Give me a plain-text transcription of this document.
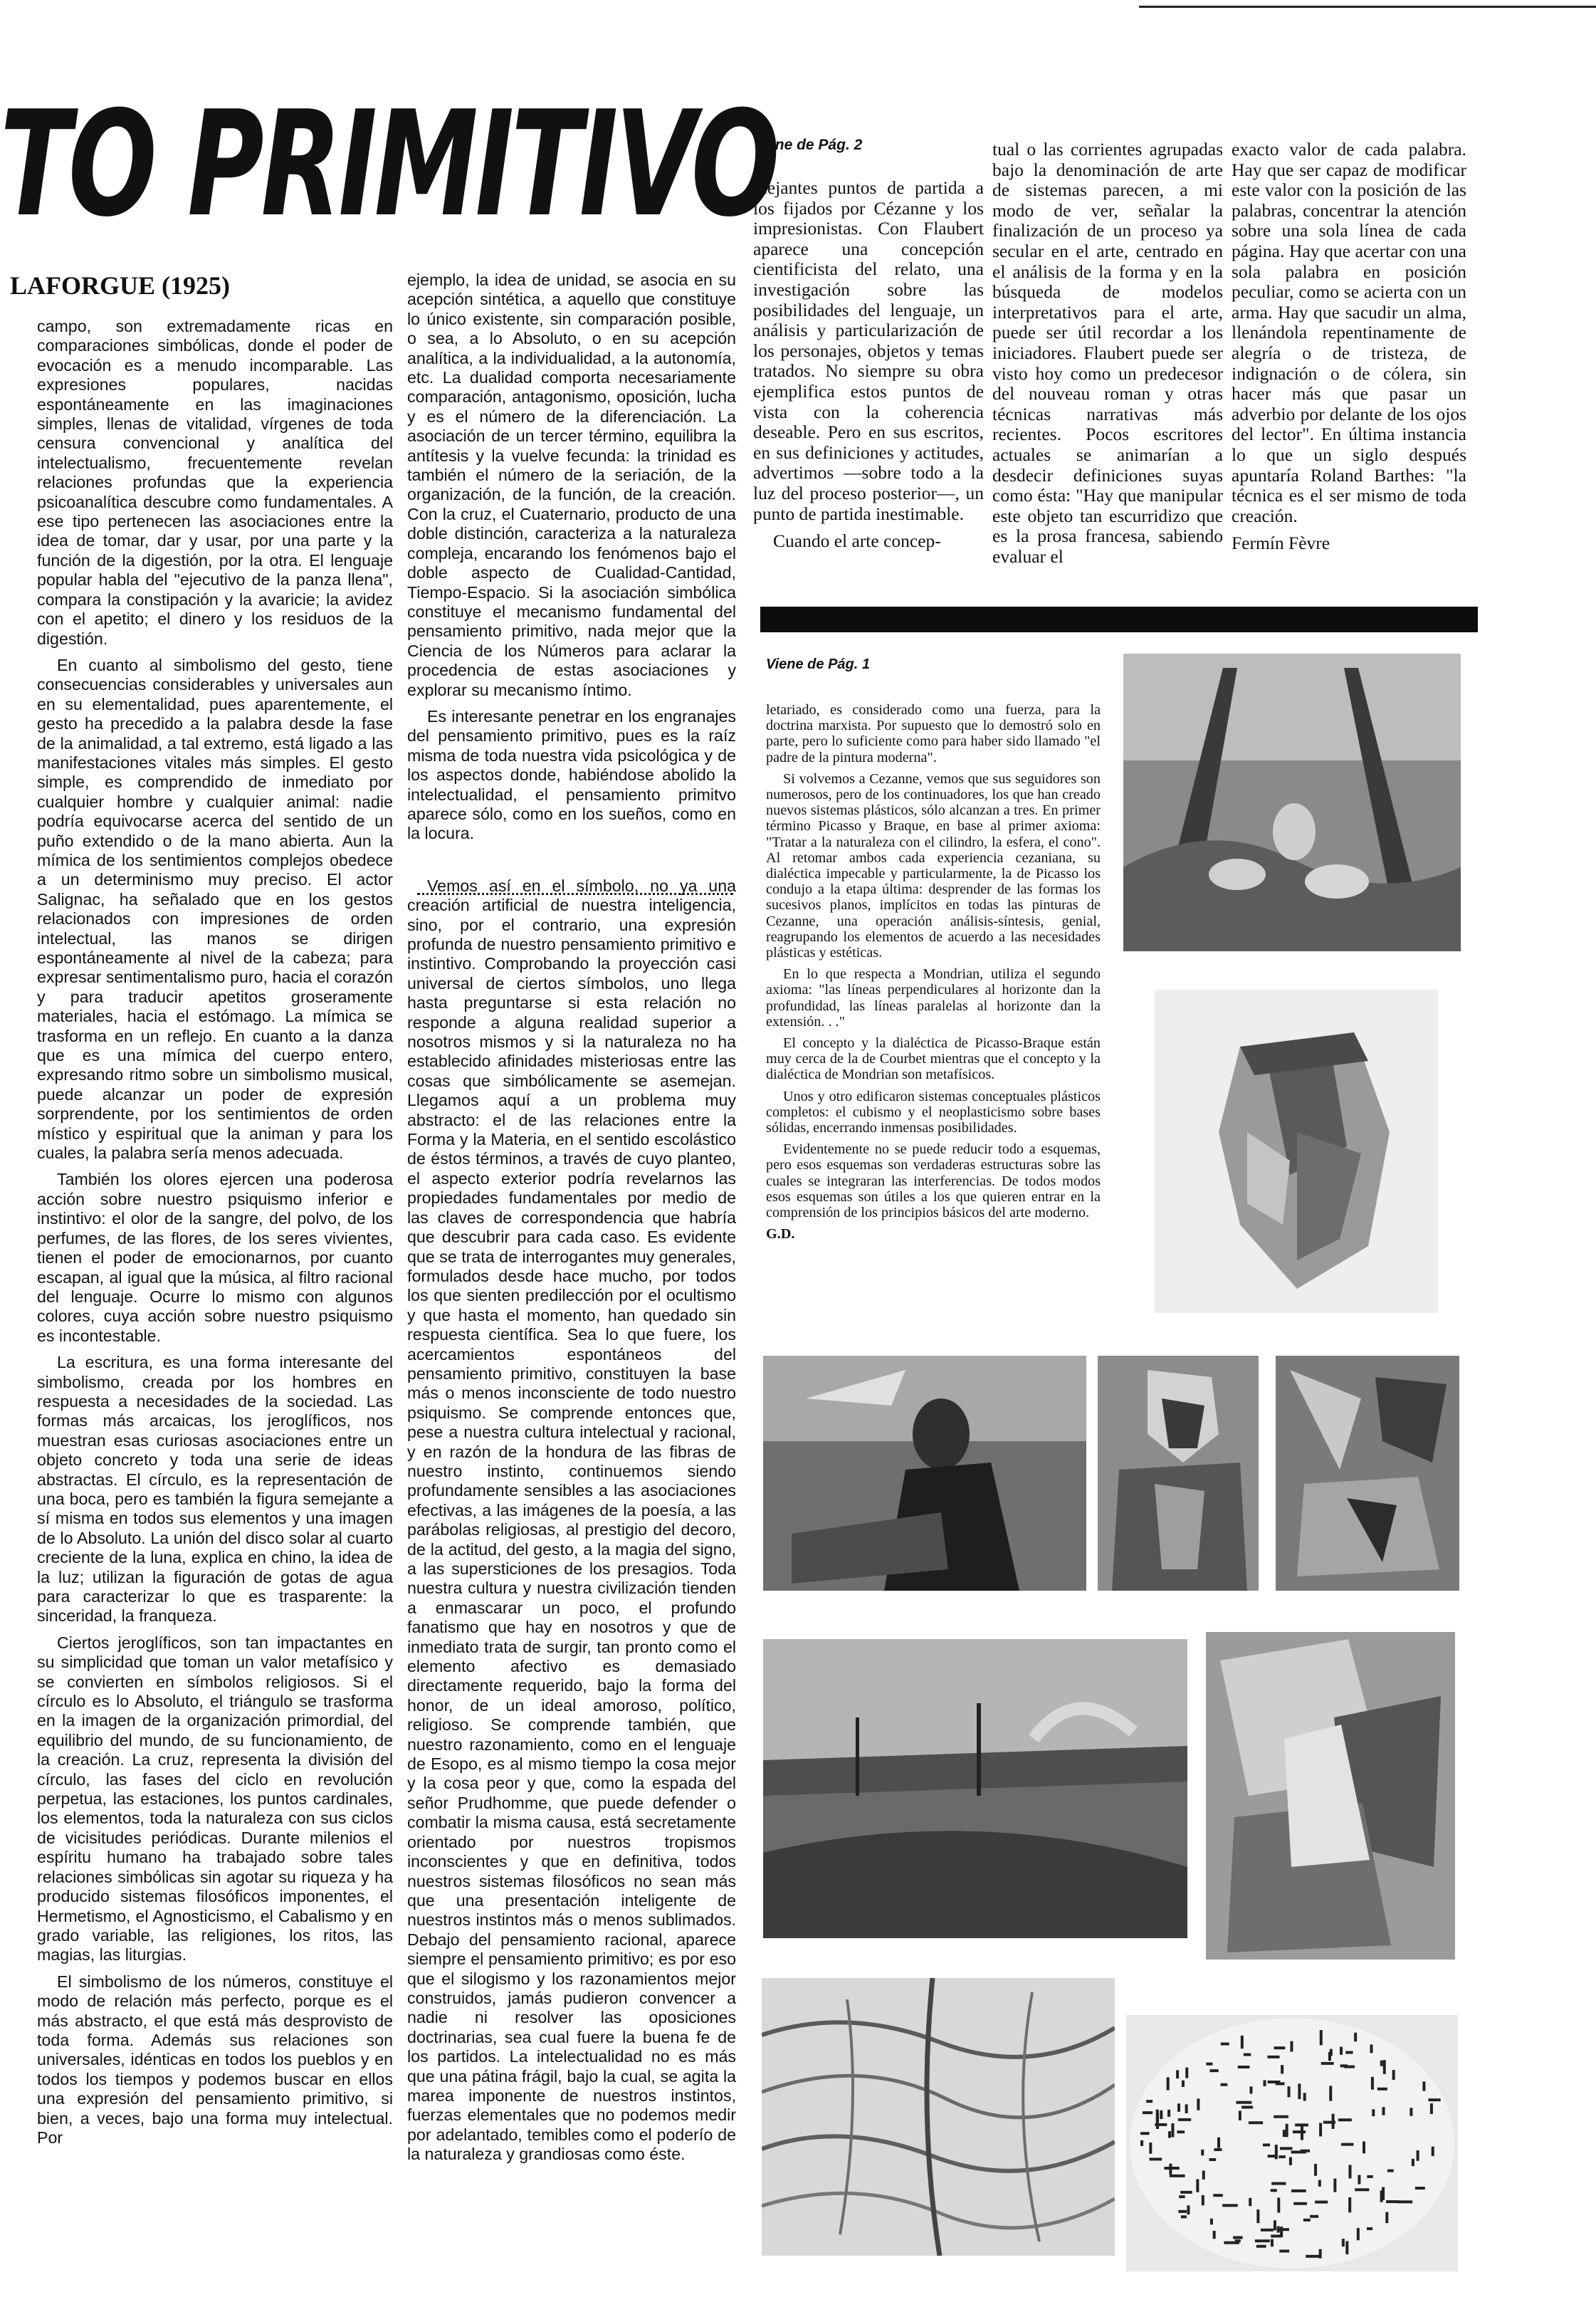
TO PRIMITIVO
LAFORGUE (1925)

campo, son extremadamente ricas en comparaciones simbólicas, donde el poder de evocación es a menudo incomparable. Las expresiones populares, nacidas espontáneamente en las imaginaciones simples, llenas de vitalidad, vírgenes de toda censura convencional y analítica del intelectualismo, frecuentemente revelan relaciones profundas que la experiencia psicoanalítica descubre como fundamentales. A ese tipo pertenecen las asociaciones entre la idea de tomar, dar y usar, por una parte y la función de la digestión, por la otra. El lenguaje popular habla del "ejecutivo de la panza llena", compara la constipación y la avaricie; la avidez con el apetito; el dinero y los residuos de la digestión.

En cuanto al simbolismo del gesto, tiene consecuencias considerables y universales aun en su elementalidad, pues aparentemente, el gesto ha precedido a la palabra desde la fase de la animalidad, a tal extremo, está ligado a las manifestaciones vitales más simples. El gesto simple, es comprendido de inmediato por cualquier hombre y cualquier animal: nadie podría equivocarse acerca del sentido de un puño extendido o de la mano abierta. Aun la mímica de los sentimientos complejos obedece a un determinismo muy preciso. El actor Salignac, ha señalado que en los gestos relacionados con impresiones de orden intelectual, las manos se dirigen espontáneamente al nivel de la cabeza; para expresar sentimentalismo puro, hacia el corazón y para traducir apetitos groseramente materiales, hacia el estómago. La mímica se trasforma en un reflejo. En cuanto a la danza que es una mímica del cuerpo entero, expresando ritmo sobre un simbolismo musical, puede alcanzar un poder de expresión sorprendente, por los sentimientos de orden místico y espiritual que la animan y para los cuales, la palabra sería menos adecuada.

También los olores ejercen una poderosa acción sobre nuestro psiquismo inferior e instintivo: el olor de la sangre, del polvo, de los perfumes, de las flores, de los seres vivientes, tienen el poder de emocionarnos, por cuanto escapan, al igual que la música, al filtro racional del lenguaje. Ocurre lo mismo con algunos colores, cuya acción sobre nuestro psiquismo es incontestable.

La escritura, es una forma interesante del simbolismo, creada por los hombres en respuesta a necesidades de la sociedad. Las formas más arcaicas, los jeroglíficos, nos muestran esas curiosas asociaciones entre un objeto concreto y toda una serie de ideas abstractas. El círculo, es la representación de una boca, pero es también la figura semejante a sí misma en todos sus elementos y una imagen de lo Absoluto. La unión del disco solar al cuarto creciente de la luna, explica en chino, la idea de la luz; utilizan la figuración de gotas de agua para caracterizar lo que es trasparente: la sinceridad, la franqueza.

Ciertos jeroglíficos, son tan impactantes en su simplicidad que toman un valor metafísico y se convierten en símbolos religiosos. Si el círculo es lo Absoluto, el triángulo se trasforma en la imagen de la organización primordial, del equilibrio del mundo, de su funcionamiento, de la creación. La cruz, representa la división del círculo, las fases del ciclo en revolución perpetua, las estaciones, los puntos cardinales, los elementos, toda la naturaleza con sus ciclos de vicisitudes periódicas. Durante milenios el espíritu humano ha trabajado sobre tales relaciones simbólicas sin agotar su riqueza y ha producido sistemas filosóficos imponentes, el Hermetismo, el Agnosticismo, el Cabalismo y en grado variable, las religiones, los ritos, las magias, las liturgias.

El simbolismo de los números, constituye el modo de relación más perfecto, porque es el más abstracto, el que está más desprovisto de toda forma. Además sus relaciones son universales, idénticas en todos los pueblos y en todos los tiempos y podemos buscar en ellos una expresión del pensamiento primitivo, si bien, a veces, bajo una forma muy intelectual. Por

ejemplo, la idea de unidad, se asocia en su acepción sintética, a aquello que constituye lo único existente, sin comparación posible, o sea, a lo Absoluto, o en su acepción analítica, a la individualidad, a la autonomía, etc. La dualidad comporta necesariamente comparación, antagonismo, oposición, lucha y es el número de la diferenciación. La asociación de un tercer término, equilibra la antítesis y la vuelve fecunda: la trinidad es también el número de la seriación, de la organización, de la función, de la creación. Con la cruz, el Cuaternario, producto de una doble distinción, caracteriza a la naturaleza compleja, encarando los fenómenos bajo el doble aspecto de Cualidad-Cantidad, Tiempo-Espacio. Si la asociación simbólica constituye el mecanismo fundamental del pensamiento primitivo, nada mejor que la Ciencia de los Números para aclarar la procedencia de estas asociaciones y explorar su mecanismo íntimo.

Es interesante penetrar en los engranajes del pensamiento primitivo, pues es la raíz misma de toda nuestra vida psicológica y de los aspectos donde, habiéndose abolido la intelectualidad, el pensamiento primitvo aparece sólo, como en los sueños, como en la locura.

Vemos así en el símbolo, no ya una creación artificial de nuestra inteligencia, sino, por el contrario, una expresión profunda de nuestro pensamiento primitivo e instintivo. Comprobando la proyección casi universal de ciertos símbolos, uno llega hasta preguntarse si esta relación no responde a alguna realidad superior a nosotros mismos y si la naturaleza no ha establecido afinidades misteriosas entre las cosas que simbólicamente se asemejan. Llegamos aquí a un problema muy abstracto: el de las relaciones entre la Forma y la Materia, en el sentido escolástico de éstos términos, a través de cuyo planteo, el aspecto exterior podría revelarnos las propiedades fundamentales por medio de las claves de correspondencia que habría que descubrir para cada caso. Es evidente que se trata de interrogantes muy generales, formulados desde hace mucho, por todos los que sienten predilección por el ocultismo y que hasta el momento, han quedado sin respuesta científica. Sea lo que fuere, los acercamientos espontáneos del pensamiento primitivo, constituyen la base más o menos inconsciente de todo nuestro psiquismo. Se comprende entonces que, pese a nuestra cultura intelectual y racional, y en razón de la hondura de las fibras de nuestro instinto, continuemos siendo profundamente sensibles a las asociaciones efectivas, a las imágenes de la poesía, a las parábolas religiosas, al prestigio del decoro, de la actitud, del gesto, a la magia del signo, a las supersticiones de los presagios. Toda nuestra cultura y nuestra civilización tienden a enmascarar un poco, el profundo fanatismo que hay en nosotros y que de inmediato trata de surgir, tan pronto como el elemento afectivo es demasiado directamente requerido, bajo la forma del honor, de un ideal amoroso, político, religioso. Se comprende también, que nuestro razonamiento, como en el lenguaje de Esopo, es al mismo tiempo la cosa mejor y la cosa peor y que, como la espada del señor Prudhomme, que puede defender o combatir la misma causa, está secretamente orientado por nuestros tropismos inconscientes y que en definitiva, todos nuestros sistemas filosóficos no sean más que una presentación inteligente de nuestros instintos más o menos sublimados. Debajo del pensamiento racional, aparece siempre el pensamiento primitivo; es por eso que el silogismo y los razonamientos mejor construidos, jamás pudieron convencer a nadie ni resolver las oposiciones doctrinarias, sea cual fuere la buena fe de los partidos. La intelectualidad no es más que una pátina frágil, bajo la cual, se agita la marea imponente de nuestros instintos, fuerzas elementales que no podemos medir por adelantado, temibles como el poderío de la naturaleza y grandiosas como éste.

Viene de Pág. 2

mejantes puntos de partida a los fijados por Cézanne y los impresionistas. Con Flaubert aparece una concepción cientificista del relato, una investigación sobre las posibilidades del lenguaje, un análisis y particularización de los personajes, objetos y temas tratados. No siempre su obra ejemplifica estos puntos de vista con la coherencia deseable. Pero en sus escritos, en sus definiciones y actitudes, advertimos —sobre todo a la luz del proceso posterior—, un punto de partida inestimable.

Cuando el arte concep-

tual o las corrientes agrupadas bajo la denominación de arte de sistemas parecen, a mi modo de ver, señalar la finalización de un proceso ya secular en el arte, centrado en el análisis de la forma y en la búsqueda de modelos interpretativos para el arte, puede ser útil recordar a los iniciadores. Flaubert puede ser visto hoy como un predecesor del nouveau roman y otras técnicas narrativas más recientes. Pocos escritores actuales se animarían a desdecir definiciones suyas como ésta: "Hay que manipular este objeto tan escurridizo que es la prosa francesa, sabiendo evaluar el

exacto valor de cada palabra. Hay que ser capaz de modificar este valor con la posición de las palabras, concentrar la atención sobre una sola línea de cada página. Hay que acertar con una sola palabra en posición peculiar, como se acierta con un arma. Hay que sacudir un alma, llenándola repentinamente de alegría o de tristeza, de indignación o de cólera, sin hacer más que pasar un adverbio por delante de los ojos del lector". En última instancia lo que un siglo después apuntaría Roland Barthes: "la técnica es el ser mismo de toda creación.

Fermín Fèvre

Viene de Pág. 1

letariado, es considerado como una fuerza, para la doctrina marxista. Por supuesto que lo demostró solo en parte, pero lo suficiente como para haber sido llamado "el padre de la pintura moderna".

Si volvemos a Cezanne, vemos que sus seguidores son numerosos, pero de los continuadores, los que han creado nuevos sistemas plásticos, sólo alcanzan a tres. En primer término Picasso y Braque, en base al primer axioma: "Tratar a la naturaleza con el cilindro, la esfera, el cono". Al retomar ambos cada experiencia cezaniana, su dialéctica impecable y particularmente, la de Picasso los condujo a la etapa última: desprender de las formas los sucesivos planos, implícitos en todas las pinturas de Cezanne, una operación análisis-síntesis, genial, reagrupando los elementos de acuerdo a las necesidades plásticas y estéticas.

En lo que respecta a Mondrian, utiliza el segundo axioma: "las líneas perpendiculares al horizonte dan la profundidad, las líneas paralelas al horizonte dan la extensión. . ."

El concepto y la dialéctica de Picasso-Braque están muy cerca de la de Courbet mientras que el concepto y la dialéctica de Mondrian son metafísicos.

Unos y otro edificaron sistemas conceptuales plásticos completos: el cubismo y el neoplasticismo sobre bases sólidas, encerrando inmensas posibilidades.

Evidentemente no se puede reducir todo a esquemas, pero esos esquemas son verdaderas estructuras sobre las cuales se integraran las interferencias. De todos modos esos esquemas son útiles a los que quieren entrar en la comprensión de los principios básicos del arte moderno.

G.D.
